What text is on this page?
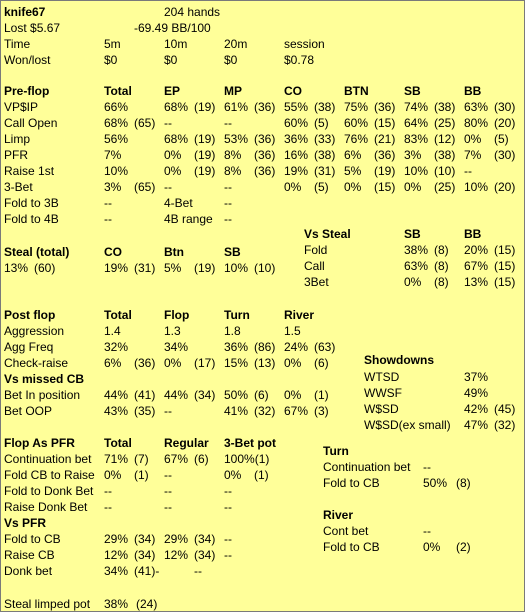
knife67	204 hands
Lost $5.67	-69.49 BB/100
Time	5m	10m	20m	session
Won/lost	$0	$0	$0	$0.78
Pre-flop	Total	EP	MP	CO	BTN	SB	BB
VP$IP	66%	68% (19) 61% (36) 55% (38) 75% (36) 74% (38) 63% (30)
Call Open	68% (65) --	--	60% (5) 60% (15) 64% (25) 80% (20)
Limp	56%	68% (19) 53% (36) 36% (33) 76% (21) 83% (12) 0% (5)
PFR	7%	0% (19) 8% (36) 16% (38) 6% (36) 3% (38) 7% (30)
Raise 1st	10%	0% (19) 8% (36) 19% (31) 5% (19) 10% (10) --
3-Bet	3% (65) --	--	0% (5) 0% (15) 0% (25) 10% (20)
Fold to 3B	--	4-Bet	--
Fold to 4B	--	4B range --
Vs Steal	SB	BB
Fold	38% (8) 20% (15)
Call	63% (8) 67% (15)
3Bet	0% (8) 13% (15)
Steal (total)	CO	Btn	SB
13% (60)	19% (31) 5% (19) 10% (10)
Post flop	Total	Flop	Turn	River
Aggression	1.4	1.3	1.8	1.5
Agg Freq	32%	34%	36% (86) 24% (63)
Check-raise	6% (36) 0% (17) 15% (13) 0% (6)
Vs missed CB
Bet In position 44% (41) 44% (34) 50% (6) 0% (1)
Bet OOP	43% (35) --	41% (32) 67% (3)
Showdowns
WTSD	37%
WWSF	49%
W$SD	42% (45)
W$SD(ex small) 47% (32)
Flop As PFR Total	Regular 3-Bet pot
Continuation bet 71% (7) 67% (6) 100%(1)
Fold CB to Raise 0% (1) --	0% (1)
Fold to Donk Bet --	--	--
Raise Donk Bet --	--	--
Vs PFR
Fold to CB	29% (34) 29% (34) --
Raise CB	12% (34) 12% (34) --
Donk bet	34% (41)-	--
Turn
Continuation bet --
Fold to CB	50% (8)
River
Cont bet	--
Fold to CB	0% (2)
Steal limped pot 38% (24)
